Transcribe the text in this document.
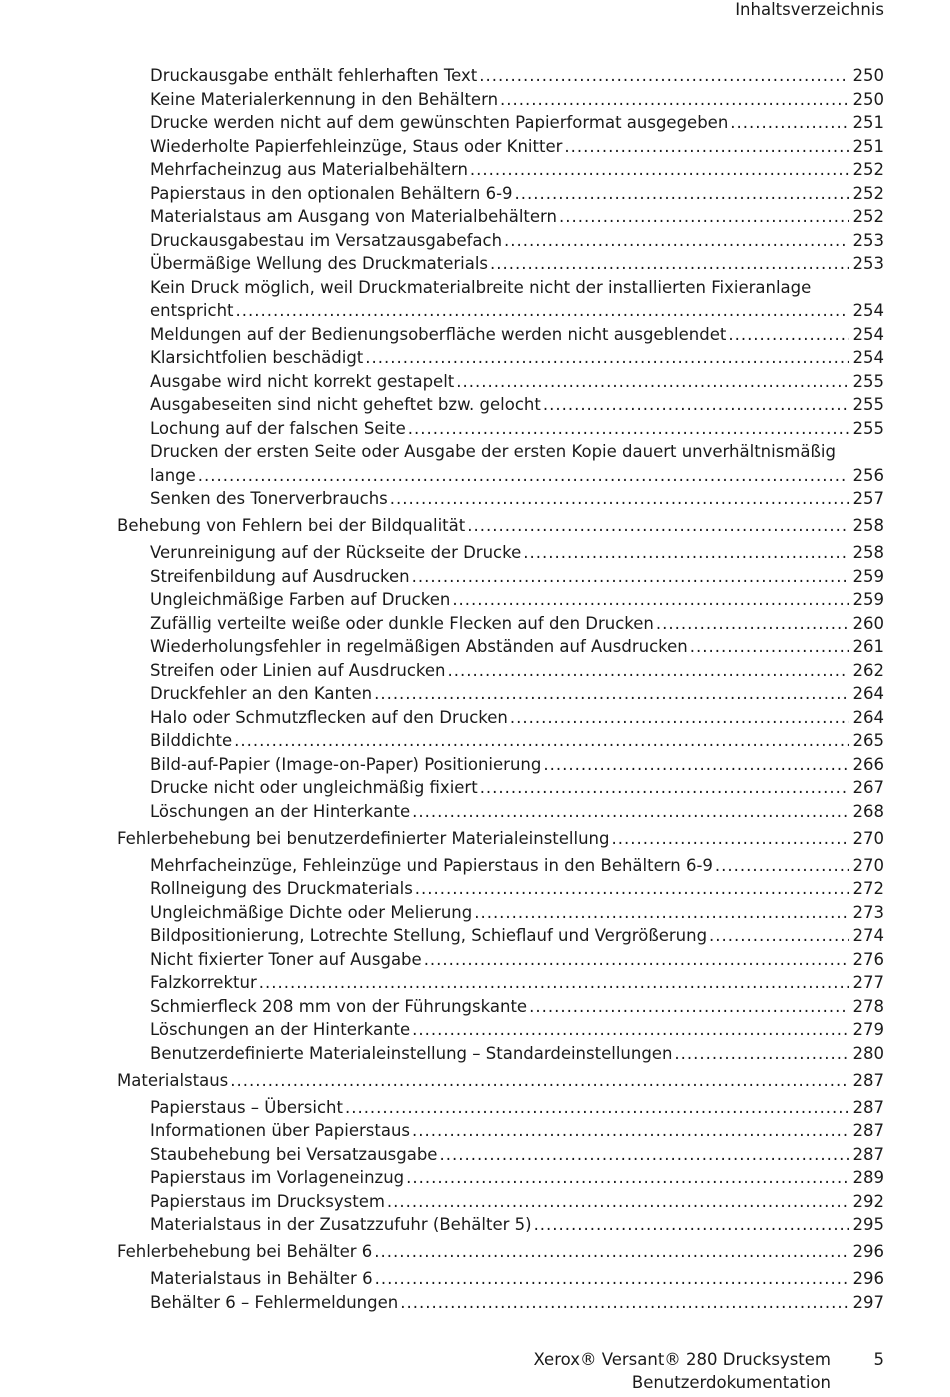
Inhaltsverzeichnis
Druckausgabe enthält fehlerhaften Text .....	250
Keine Materialerkennung in den Behältern .....	250
Drucke werden nicht auf dem gewünschten Papierformat ausgegeben .....	251
Wiederholte Papierfehleinzüge, Staus oder Knitter .....	251
Mehrfacheinzug aus Materialbehältern .....	252
Papierstaus in den optionalen Behältern 6-9 .....	252
Materialstaus am Ausgang von Materialbehältern .....	252
Druckausgabestau im Versatzausgabefach .....	253
Übermäßige Wellung des Druckmaterials .....	253
Kein Druck möglich, weil Druckmaterialbreite nicht der installierten Fixieranlage
entspricht .....	254
Meldungen auf der Bedienungsoberfläche werden nicht ausgeblendet .....	254
Klarsichtfolien beschädigt .....	254
Ausgabe wird nicht korrekt gestapelt .....	255
Ausgabeseiten sind nicht geheftet bzw. gelocht .....	255
Lochung auf der falschen Seite .....	255
Drucken der ersten Seite oder Ausgabe der ersten Kopie dauert unverhältnismäßig
lange .....	256
Senken des Tonerverbrauchs .....	257
Behebung von Fehlern bei der Bildqualität .....	258
Verunreinigung auf der Rückseite der Drucke .....	258
Streifenbildung auf Ausdrucken .....	259
Ungleichmäßige Farben auf Drucken .....	259
Zufällig verteilte weiße oder dunkle Flecken auf den Drucken .....	260
Wiederholungsfehler in regelmäßigen Abständen auf Ausdrucken .....	261
Streifen oder Linien auf Ausdrucken .....	262
Druckfehler an den Kanten .....	264
Halo oder Schmutzflecken auf den Drucken .....	264
Bilddichte .....	265
Bild-auf-Papier (Image-on-Paper) Positionierung .....	266
Drucke nicht oder ungleichmäßig fixiert .....	267
Löschungen an der Hinterkante .....	268
Fehlerbehebung bei benutzerdefinierter Materialeinstellung .....	270
Mehrfacheinzüge, Fehleinzüge und Papierstaus in den Behältern 6-9 .....	270
Rollneigung des Druckmaterials .....	272
Ungleichmäßige Dichte oder Melierung .....	273
Bildpositionierung, Lotrechte Stellung, Schieflauf und Vergrößerung .....	274
Nicht fixierter Toner auf Ausgabe .....	276
Falzkorrektur .....	277
Schmierfleck 208 mm von der Führungskante .....	278
Löschungen an der Hinterkante .....	279
Benutzerdefinierte Materialeinstellung – Standardeinstellungen .....	280
Materialstaus .....	287
Papierstaus – Übersicht .....	287
Informationen über Papierstaus .....	287
Staubehebung bei Versatzausgabe .....	287
Papierstaus im Vorlageneinzug .....	289
Papierstaus im Drucksystem .....	292
Materialstaus in der Zusatzzufuhr (Behälter 5) .....	295
Fehlerbehebung bei Behälter 6 .....	296
Materialstaus in Behälter 6 .....	296
Behälter 6 – Fehlermeldungen .....	297
Xerox® Versant® 280 Drucksystem
Benutzerdokumentation
5
